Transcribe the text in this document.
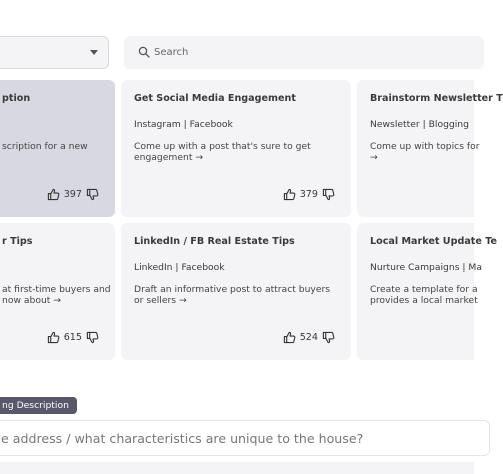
Search
ption
scription for a new
397
Get Social Media Engagement
Instagram | Facebook
Come up with a post that's sure to get engagement →
379
Brainstorm Newsletter T
Newsletter | Blogging
Come up with topics for →
r Tips
at first-time buyers and now about →
615
LinkedIn / FB Real Estate Tips
LinkedIn | Facebook
Draft an informative post to attract buyers or sellers →
524
Local Market Update Te
Nurture Campaigns | Ma
Create a template for a provides a local market
ng Description
e address / what characteristics are unique to the house?
